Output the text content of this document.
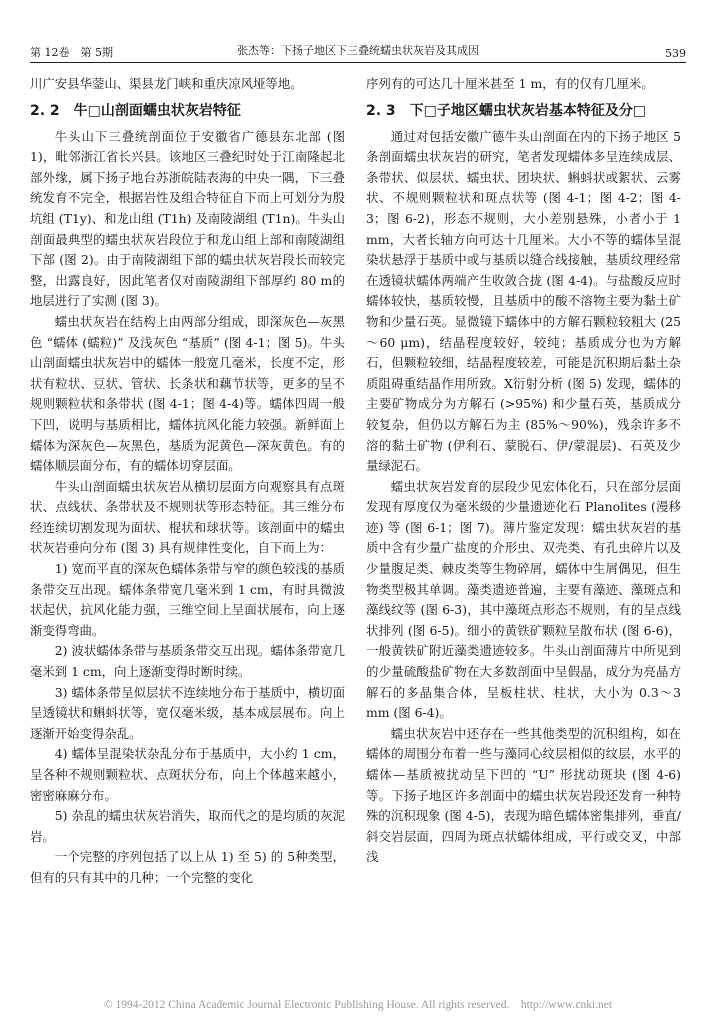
第 12卷　第 5期	张杰等：下扬子地区下三叠统蠕虫状灰岩及其成因	539

川广安县华蓥山、渠县龙门峡和重庆凉风垭等地。

2. 2　牛□山剖面蠕虫状灰岩特征

牛头山下三叠统剖面位于安徽省广德县东北部 (图 1)，毗邻浙江省长兴县。该地区三叠纪时处于江南隆起北部外缘，属下扬子地台苏浙皖陆表海的中央一隅，下三叠统发育不完全，根据岩性及组合特征自下而上可划分为殷坑组 (T1y)、和龙山组 (T1h) 及南陵湖组 (T1n)。牛头山剖面最典型的蠕虫状灰岩段位于和龙山组上部和南陵湖组下部 (图 2)。由于南陵湖组下部的蠕虫状灰岩段长而较完整，出露良好，因此笔者仅对南陵湖组下部厚约 80 m的地层进行了实测 (图 3)。

蠕虫状灰岩在结构上由两部分组成，即深灰色—灰黑色 “蠕体 (蠕粒)” 及浅灰色 “基质” (图 4-1；图 5)。牛头山剖面蠕虫状灰岩中的蠕体一般宽几毫米，长度不定，形状有粒状、豆状、管状、长条状和藕节状等，更多的呈不规则颗粒状和条带状 (图 4-1；图 4-4)等。蠕体四周一般下凹，说明与基质相比，蠕体抗风化能力较强。新鲜面上蠕体为深灰色—灰黑色，基质为泥黄色—深灰黄色。有的蠕体顺层面分布，有的蠕体切穿层面。

牛头山剖面蠕虫状灰岩从横切层面方向观察具有点斑状、点线状、条带状及不规则状等形态特征。其三维分布经连续切割发现为面状、棍状和球状等。该剖面中的蠕虫状灰岩垂向分布 (图 3) 具有规律性变化，自下而上为：

1) 宽而平直的深灰色蠕体条带与窄的颜色较浅的基质条带交互出现。蠕体条带宽几毫米到 1 cm，有时具微波状起伏，抗风化能力强，三维空间上呈面状展布，向上逐渐变得弯曲。

2) 波状蠕体条带与基质条带交互出现。蠕体条带宽几毫米到 1 cm，向上逐渐变得时断时续。

3) 蠕体条带呈似层状不连续地分布于基质中，横切面呈透镜状和蝌蚪状等，宽仅毫米级，基本成层展布。向上逐渐开始变得杂乱。

4) 蠕体呈混染状杂乱分布于基质中，大小约 1 cm，呈各种不规则颗粒状、点斑状分布，向上个体越来越小，密密麻麻分布。

5) 杂乱的蠕虫状灰岩消失，取而代之的是均质的灰泥岩。

一个完整的序列包括了以上从 1) 至 5) 的 5种类型，但有的只有其中的几种；一个完整的变化

序列有的可达几十厘米甚至 1 m，有的仅有几厘米。

2. 3　下□子地区蠕虫状灰岩基本特征及分□

通过对包括安徽广德牛头山剖面在内的下扬子地区 5条剖面蠕虫状灰岩的研究，笔者发现蠕体多呈连续成层、条带状、似层状、蠕虫状、团块状、蝌蚪状或絮状、云雾状、不规则颗粒状和斑点状等 (图 4-1；图 4-2；图 4-3；图 6-2)，形态不规则，大小差别悬殊，小者小于 1 mm，大者长轴方向可达十几厘米。大小不等的蠕体呈混染状悬浮于基质中或与基质以缝合线接触，基质纹理经常在透镜状蠕体两端产生收敛合拢 (图 4-4)。与盐酸反应时蠕体较快，基质较慢，且基质中的酸不溶物主要为黏土矿物和少量石英。显微镜下蠕体中的方解石颗粒较粗大 (25～60 μm)，结晶程度较好，较纯；基质成分也为方解石，但颗粒较细，结晶程度较差，可能是沉积期后黏土杂质阻碍重结晶作用所致。X衍射分析 (图 5) 发现，蠕体的主要矿物成分为方解石 (>95%) 和少量石英，基质成分较复杂，但仍以方解石为主 (85%～90%)，残余许多不溶的黏土矿物 (伊利石、蒙脱石、伊/蒙混层)、石英及少量绿泥石。

蠕虫状灰岩发育的层段少见宏体化石，只在部分层面发现有厚度仅为毫米级的少量遗迹化石 Planolites (漫移迹) 等 (图 6-1；图 7)。薄片鉴定发现：蠕虫状灰岩的基质中含有少量广盐度的介形虫、双壳类、有孔虫碎片以及少量腹足类、棘皮类等生物碎屑，蠕体中生屑偶见，但生物类型极其单调。藻类遗迹普遍，主要有藻迹、藻斑点和藻线纹等 (图 6-3)，其中藻斑点形态不规则，有的呈点线状排列 (图 6-5)。细小的黄铁矿颗粒呈散布状 (图 6-6)，一般黄铁矿附近藻类遗迹较多。牛头山剖面薄片中所见到的少量硫酸盐矿物在大多数剖面中呈假晶，成分为亮晶方解石的多晶集合体，呈板柱状、柱状，大小为 0.3～3 mm (图 6-4)。

蠕虫状灰岩中还存在一些其他类型的沉积组构，如在蠕体的周围分布着一些与藻同心纹层相似的纹层，水平的蠕体—基质被扰动呈下凹的 “U” 形扰动斑块 (图 4-6) 等。下扬子地区许多剖面中的蠕虫状灰岩段还发育一种特殊的沉积现象 (图 4-5)，表现为暗色蠕体密集排列，垂直/斜交岩层面，四周为斑点状蠕体组成，平行或交叉，中部浅

© 1994-2012 China Academic Journal Electronic Publishing House. All rights reserved.　http://www.cnki.net
